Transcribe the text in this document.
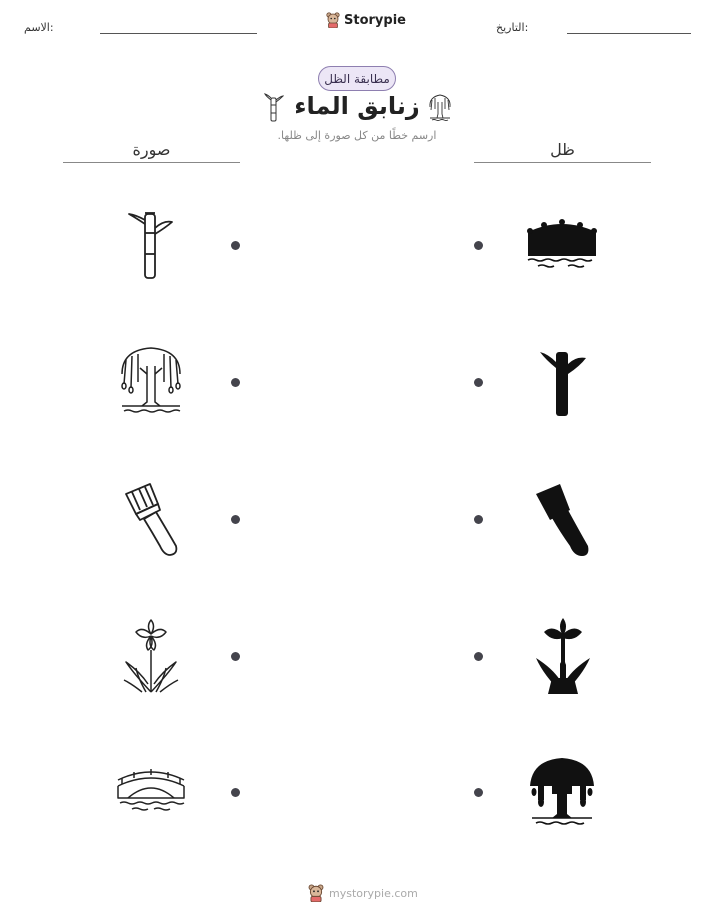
الاسم:	التاريخ:
Storypie
مطابقة الظل
زنابق الماء
ارسم خطًا من كل صورة إلى ظلها.
صورة	ظل
mystorypie.com
